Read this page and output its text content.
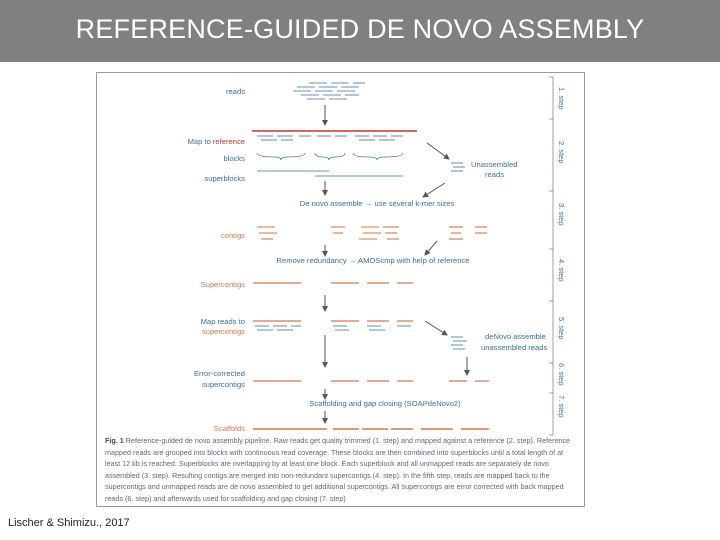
REFERENCE-GUIDED DE NOVO ASSEMBLY
reads
Map to reference
blocks
superblocks
contigs
Supercontigs
Map reads to
supercontigs
Error-corrected
supercontigs
Scaffolds
Unassembled
reads
De novo assemble → use several k-mer sizes
Remove redundancy → AMOScmp with help of reference
deNovo assemble
unassembled reads
Scaffolding and gap closing (SOAPdeNovo2)
1. step
2. step
3. step
4. step
5. step
6. step
7. step
Fig. 1 Reference-guided de novo assembly pipeline. Raw reads get quality trimmed (1. step) and mapped against a reference (2. step). Reference mapped reads are grouped into blocks with continuous read coverage. These blocks are then combined into superblocks until a total length of at least 12 kb is reached. Superblocks are overlapping by at least one block. Each superblock and all unmapped reads are separately de novo assembled (3. step). Resulting contigs are merged into non-redundant supercontigs (4. step). In the fifth step, reads are mapped back to the supercontigs and unmapped reads are de novo assembled to get additional supercontigs. All supercontigs are error corrected with back mapped reads (6. step) and afterwards used for scaffolding and gap closing (7. step)
Lischer & Shimizu., 2017
